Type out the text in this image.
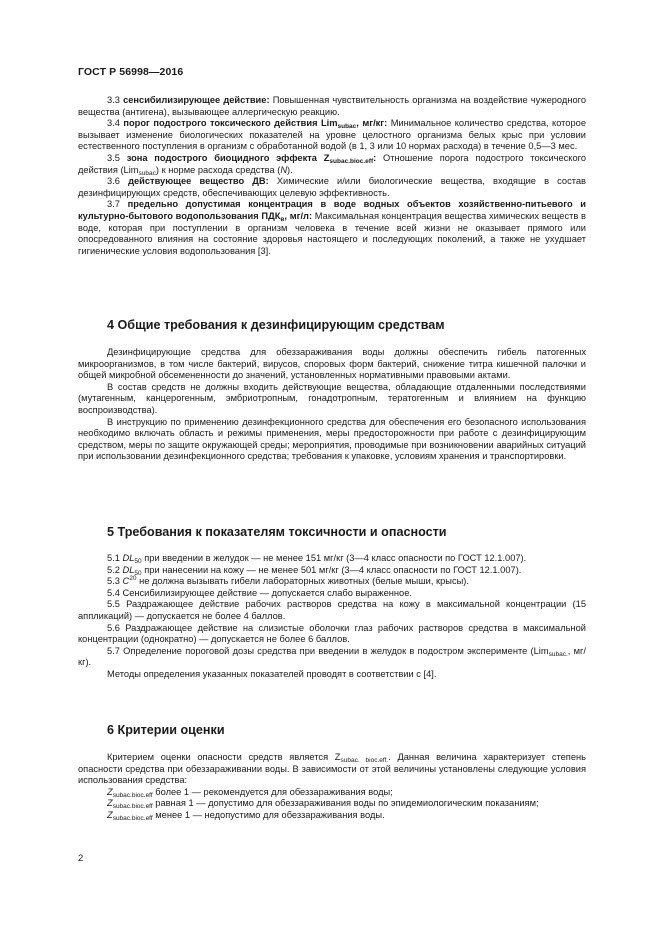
ГОСТ Р 56998—2016

3.3 сенсибилизирующее действие: Повышенная чувствительность организма на воздействие чужеродного вещества (антигена), вызывающее аллергическую реакцию.

3.4 порог подострого токсического действия Lim$_{subac}$, мг/кг: Минимальное количество средства, которое вызывает изменение биологических показателей на уровне целостного организма белых крыс при условии естественного поступления в организм с обработанной водой (в 1, 3 или 10 нормах расхода) в течение 0,5—3 мес.

3.5 зона подострого биоцидного эффекта $Z_{subac.bioc.eff}$: Отношение порога подострого токсического действия (Lim$_{subac}$) к норме расхода средства (N).

3.6 действующее вещество ДВ: Химические и/или биологические вещества, входящие в состав дезинфицирующих средств, обеспечивающих целевую эффективность.

3.7 предельно допустимая концентрация в воде водных объектов хозяйственно-питьевого и культурно-бытового водопользования $ПДК_в$, мг/л: Максимальная концентрация вещества химических веществ в воде, которая при поступлении в организм человека в течение всей жизни не оказывает прямого или опосредованного влияния на состояние здоровья настоящего и последующих поколений, а также не ухудшает гигиенические условия водопользования [3].

4 Общие требования к дезинфицирующим средствам

Дезинфицирующие средства для обеззараживания воды должны обеспечить гибель патогенных микроорганизмов, в том числе бактерий, вирусов, споровых форм бактерий, снижение титра кишечной палочки и общей микробной обсемененности до значений, установленных нормативными правовыми актами.

В состав средств не должны входить действующие вещества, обладающие отдаленными последствиями (мутагенным, канцерогенным, эмбриотропным, гонадотропным, тератогенным и влиянием на функцию воспроизводства).

В инструкцию по применению дезинфекционного средства для обеспечения его безопасного использования необходимо включать область и режимы применения, меры предосторожности при работе с дезинфицирующим средством, меры по защите окружающей среды; мероприятия, проводимые при возникновении аварийных ситуаций при использовании дезинфекционного средства; требования к упаковке, условиям хранения и транспортировки.

5 Требования к показателям токсичности и опасности

5.1 $DL_{50}$ при введении в желудок — не менее 151 мг/кг (3—4 класс опасности по ГОСТ 12.1.007).

5.2 $DL_{50}$ при нанесении на кожу — не менее 501 мг/кг (3—4 класс опасности по ГОСТ 12.1.007).

5.3 $C^{20}$ не должна вызывать гибели лабораторных животных (белые мыши, крысы).

5.4 Сенсибилизирующее действие — допускается слабо выраженное.

5.5 Раздражающее действие рабочих растворов средства на кожу в максимальной концентрации (15 аппликаций) — допускается не более 4 баллов.

5.6 Раздражающее действие на слизистые оболочки глаз рабочих растворов средства в максимальной концентрации (однократно) — допускается не более 6 баллов.

5.7 Определение пороговой дозы средства при введении в желудок в подостром эксперименте (Lim$_{subac.}$, мг/кг).

Методы определения указанных показателей проводят в соответствии с [4].

6 Критерии оценки

Критерием оценки опасности средств является $Z_{subac. bioc.eff.}$. Данная величина характеризует степень опасности средства при обеззараживании воды. В зависимости от этой величины установлены следующие условия использования средства:

$Z_{subac.bioc.eff}$ более 1 — рекомендуется для обеззараживания воды;

$Z_{subac.bioc.eff}$ равная 1 — допустимо для обеззараживания воды по эпидемиологическим показаниям;

$Z_{subac.bioc.eff}$ менее 1 — недопустимо для обеззараживания воды.

2
